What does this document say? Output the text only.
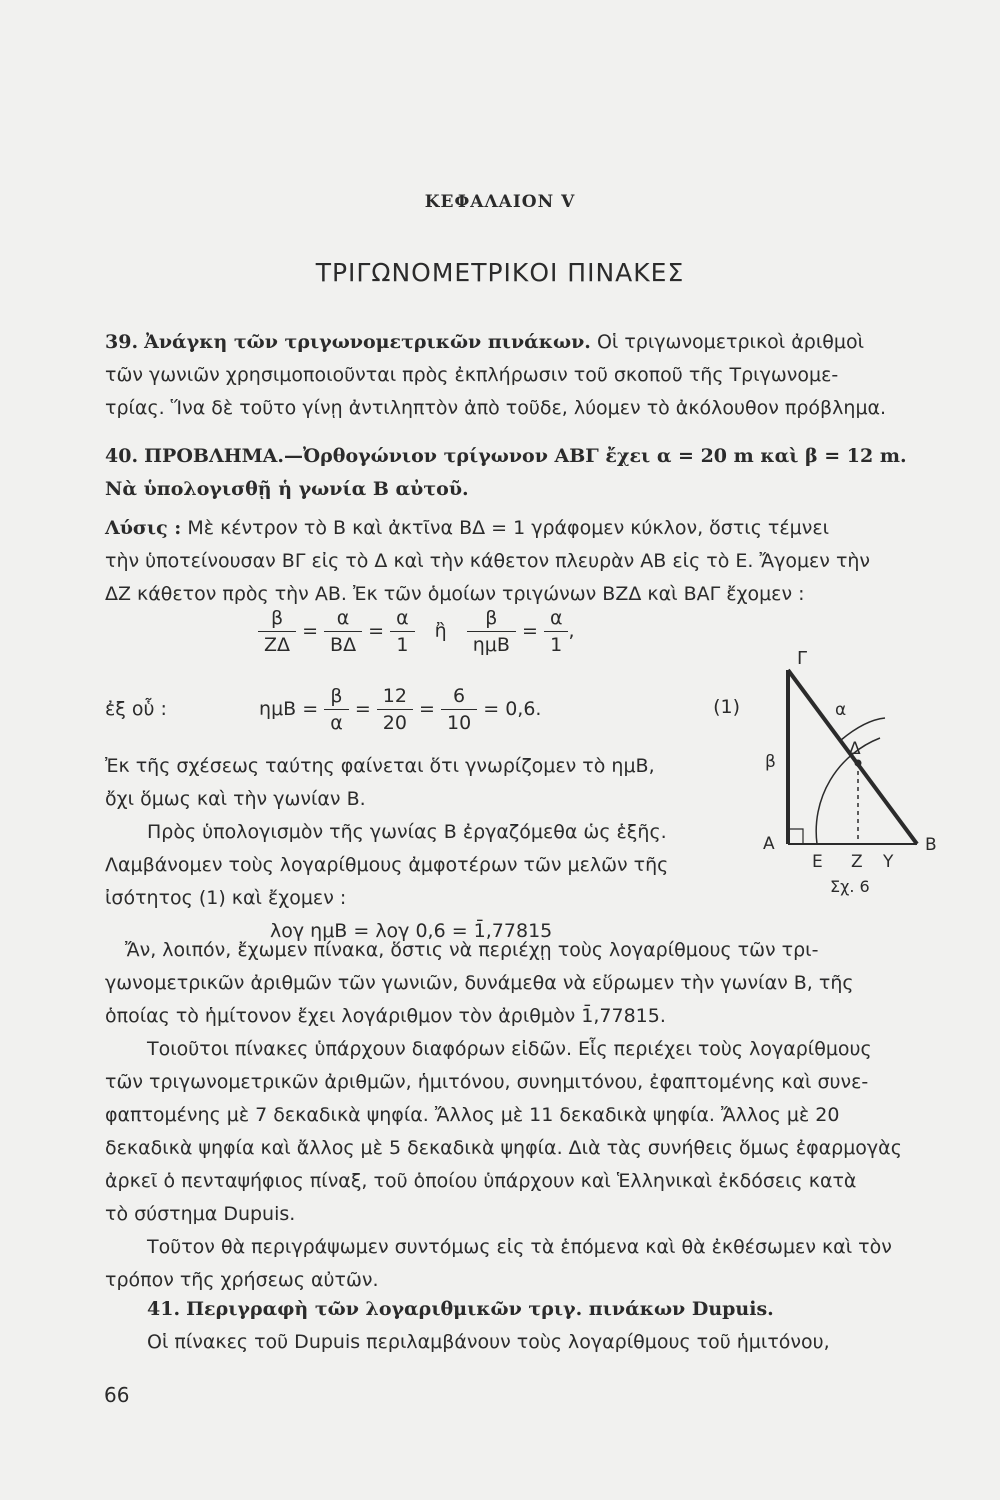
ΚΕΦΑΛΑΙΟΝ V
ΤΡΙΓΩΝΟΜΕΤΡΙΚΟΙ ΠΙΝΑΚΕΣ
39. Ἀνάγκη τῶν τριγωνομετρικῶν πινάκων. Οἱ τριγωνομετρικοὶ ἀριθμοὶ
τῶν γωνιῶν χρησιμοποιοῦνται πρὸς ἐκπλήρωσιν τοῦ σκοποῦ τῆς Τριγωνομε-
τρίας. Ἵνα δὲ τοῦτο γίνῃ ἀντιληπτὸν ἀπὸ τοῦδε, λύομεν τὸ ἀκόλουθον πρόβλημα.
40. ΠΡΟΒΛΗΜΑ.—Ὀρθογώνιον τρίγωνον ΑΒΓ ἔχει α = 20 m καὶ β = 12 m.
Νὰ ὑπολογισθῇ ἡ γωνία Β αὐτοῦ.
Λύσις : Μὲ κέντρον τὸ Β καὶ ἀκτῖνα ΒΔ = 1 γράφομεν κύκλον, ὅστις τέμνει
τὴν ὑποτείνουσαν ΒΓ εἰς τὸ Δ καὶ τὴν κάθετον πλευρὰν ΑΒ εἰς τὸ Ε. Ἄγομεν τὴν
ΔΖ κάθετον πρὸς τὴν ΑΒ. Ἐκ τῶν ὁμοίων τριγώνων ΒΖΔ καὶ ΒΑΓ ἔχομεν :
$\frac{\beta}{Z\Delta} = \frac{\alpha}{B\Delta} = \frac{\alpha}{1}$ ἢ $\frac{\beta}{\text{ημΒ}} = \frac{\alpha}{1}$ ,
ἐξ οὗ :	$\eta\mu B = \frac{\beta}{\alpha} = \frac{12}{20} = \frac{6}{10} = 0,6$.	(1)
Ἐκ τῆς σχέσεως ταύτης φαίνεται ὅτι γνωρίζομεν τὸ ημΒ,
ὄχι ὅμως καὶ τὴν γωνίαν Β.
Πρὸς ὑπολογισμὸν τῆς γωνίας Β ἐργαζόμεθα ὡς ἑξῆς.
Λαμβάνομεν τοὺς λογαρίθμους ἀμφοτέρων τῶν μελῶν τῆς
ἰσότητος (1) καὶ ἔχομεν :
λογ ημΒ = λογ 0,6 = 1̄,77815
Ἄν, λοιπόν, ἔχωμεν πίνακα, ὅστις νὰ περιέχῃ τοὺς λογαρίθμους τῶν τρι-
γωνομετρικῶν ἀριθμῶν τῶν γωνιῶν, δυνάμεθα νὰ εὕρωμεν τὴν γωνίαν Β, τῆς
ὁποίας τὸ ἡμίτονον ἔχει λογάριθμον τὸν ἀριθμὸν 1̄,77815.
Τοιοῦτοι πίνακες ὑπάρχουν διαφόρων εἰδῶν. Εἷς περιέχει τοὺς λογαρίθμους
τῶν τριγωνομετρικῶν ἀριθμῶν, ἡμιτόνου, συνημιτόνου, ἐφαπτομένης καὶ συνε-
φαπτομένης μὲ 7 δεκαδικὰ ψηφία. Ἄλλος μὲ 11 δεκαδικὰ ψηφία. Ἄλλος μὲ 20
δεκαδικὰ ψηφία καὶ ἄλλος μὲ 5 δεκαδικὰ ψηφία. Διὰ τὰς συνήθεις ὅμως ἐφαρμογὰς
ἀρκεῖ ὁ πενταψήφιος πίναξ, τοῦ ὁποίου ὑπάρχουν καὶ Ἑλληνικαὶ ἐκδόσεις κατὰ
τὸ σύστημα Dupuis.
Τοῦτον θὰ περιγράψωμεν συντόμως εἰς τὰ ἑπόμενα καὶ θὰ ἐκθέσωμεν καὶ τὸν
τρόπον τῆς χρήσεως αὐτῶν.
41. Περιγραφὴ τῶν λογαριθμικῶν τριγ. πινάκων Dupuis.
Οἱ πίνακες τοῦ Dupuis περιλαμβάνουν τοὺς λογαρίθμους τοῦ ἡμιτόνου,
Γ
α
Δ
β
Α	Β
Ε Ζ Υ
Σχ. 6
66
